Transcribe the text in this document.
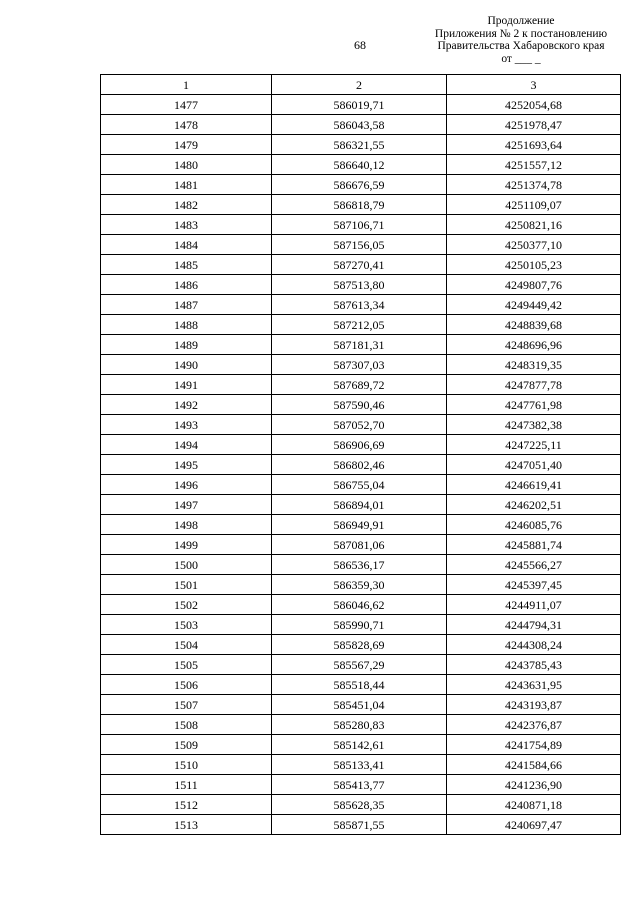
68
Продолжение
Приложения № 2 к постановлению
Правительства Хабаровского края
от ___ _
1	2	3
1477	586019,71	4252054,68
1478	586043,58	4251978,47
1479	586321,55	4251693,64
1480	586640,12	4251557,12
1481	586676,59	4251374,78
1482	586818,79	4251109,07
1483	587106,71	4250821,16
1484	587156,05	4250377,10
1485	587270,41	4250105,23
1486	587513,80	4249807,76
1487	587613,34	4249449,42
1488	587212,05	4248839,68
1489	587181,31	4248696,96
1490	587307,03	4248319,35
1491	587689,72	4247877,78
1492	587590,46	4247761,98
1493	587052,70	4247382,38
1494	586906,69	4247225,11
1495	586802,46	4247051,40
1496	586755,04	4246619,41
1497	586894,01	4246202,51
1498	586949,91	4246085,76
1499	587081,06	4245881,74
1500	586536,17	4245566,27
1501	586359,30	4245397,45
1502	586046,62	4244911,07
1503	585990,71	4244794,31
1504	585828,69	4244308,24
1505	585567,29	4243785,43
1506	585518,44	4243631,95
1507	585451,04	4243193,87
1508	585280,83	4242376,87
1509	585142,61	4241754,89
1510	585133,41	4241584,66
1511	585413,77	4241236,90
1512	585628,35	4240871,18
1513	585871,55	4240697,47
